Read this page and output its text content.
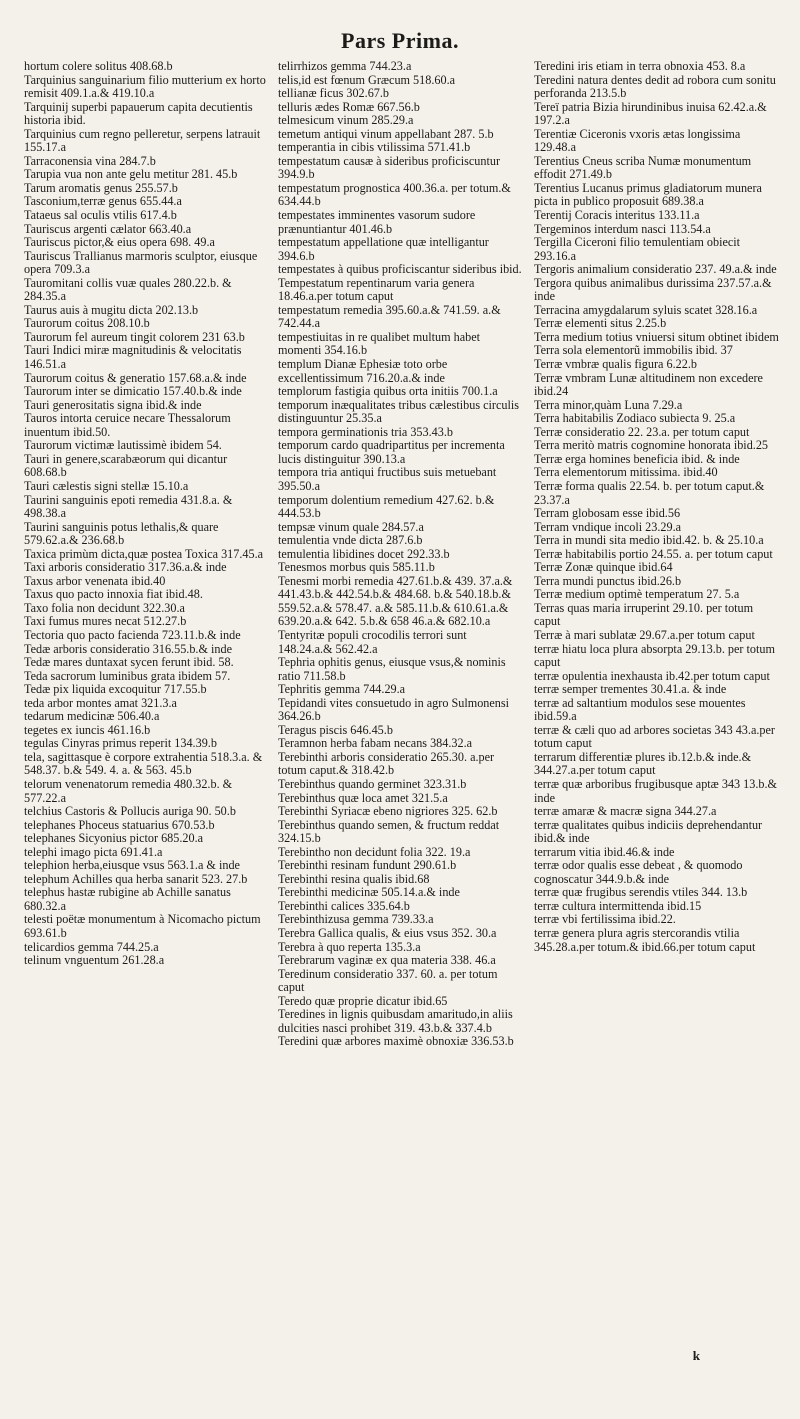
Pars Prima.
hortum colere solitus 408.68.b
Tarquinius sanguinarium filio mutterium ex horto remisit 409.1.a.& 419.10.a
Tarquinij superbi papauerum capita decutientis historia ibid.
Tarquinius cum regno pelleretur, serpens latrauit 155.17.a
Tarraconensia vina 284.7.b
Tarupia vua non ante gelu metitur 281. 45.b
Tarum aromatis genus 255.57.b
Tasconium,terræ genus 655.44.a
Tataeus sal oculis vtilis 617.4.b
Tauriscus argenti cælator 663.40.a
Tauriscus pictor,& eius opera 698. 49.a
Tauriscus Trallianus marmoris sculptor, eiusque opera 709.3.a
Tauromitani collis vuæ quales 280.22.b. & 284.35.a
Taurus auis à mugitu dicta 202.13.b
Taurorum coitus 208.10.b
Taurorum fel aureum tingit colorem 231 63.b
Tauri Indici miræ magnitudinis & velocitatis 146.51.a
Taurorum coitus & generatio 157.68.a.& inde
Taurorum inter se dimicatio 157.40.b.& inde
Tauri generositatis signa ibid.& inde
Tauros intorta ceruice necare Thessalorum inuentum ibid.50.
Taurorum victimæ lautissimè ibidem 54.
Tauri in genere,scarabæorum qui dicantur 608.68.b
Tauri cælestis signi stellæ 15.10.a
Taurini sanguinis epoti remedia 431.8.a. & 498.38.a
Taurini sanguinis potus lethalis,& quare 579.62.a.& 236.68.b
Taxica primùm dicta,quæ postea Toxica 317.45.a
Taxi arboris consideratio 317.36.a.& inde
Taxus arbor venenata ibid.40
Taxus quo pacto innoxia fiat ibid.48.
Taxo folia non decidunt 322.30.a
Taxi fumus mures necat 512.27.b
Tectoria quo pacto facienda 723.11.b.& inde
Tedæ arboris consideratio 316.55.b.& inde
Tedæ mares duntaxat sycen ferunt ibid. 58.
Teda sacrorum luminibus grata ibidem 57.
Tedæ pix liquida excoquitur 717.55.b
teda arbor montes amat 321.3.a
tedarum medicinæ 506.40.a
tegetes ex iuncis 461.16.b
tegulas Cinyras primus reperit 134.39.b
tela, sagittasque è corpore extrahentia 518.3.a. & 548.37. b.& 549. 4. a. & 563. 45.b
telorum venenatorum remedia 480.32.b. & 577.22.a
telchius Castoris & Pollucis auriga 90. 50.b
telephanes Phoceus statuarius 670.53.b
telephanes Sicyonius pictor 685.20.a
telephi imago picta 691.41.a
telephion herba,eiusque vsus 563.1.a & inde
telephum Achilles qua herba sanarit 523. 27.b
telephus hastæ rubigine ab Achille sanatus 680.32.a
telesti poëtæ monumentum à Nicomacho pictum 693.61.b
telicardios gemma 744.25.a
telinum vnguentum 261.28.a
telirrhizos gemma 744.23.a
telis,id est fœnum Græcum 518.60.a
tellianæ ficus 302.67.b
telluris ædes Romæ 667.56.b
telmesicum vinum 285.29.a
temetum antiqui vinum appellabant 287. 5.b
temperantia in cibis vtilissima 571.41.b
tempestatum causæ à sideribus proficiscuntur 394.9.b
tempestatum prognostica 400.36.a. per totum.& 634.44.b
tempestates imminentes vasorum sudore prænuntiantur 401.46.b
tempestatum appellatione quæ intelligantur 394.6.b
tempestates à quibus proficiscantur sideribus ibid.
Tempestatum repentinarum varia genera 18.46.a.per totum caput
tempestatum remedia 395.60.a.& 741.59. a.& 742.44.a
tempestiuitas in re qualibet multum habet momenti 354.16.b
templum Dianæ Ephesiæ toto orbe excellentissimum 716.20.a.& inde
templorum fastigia quibus orta initiis 700.1.a
temporum inæqualitates tribus cælestibus circulis distinguuntur 25.35.a
tempora germinationis tria 353.43.b
temporum cardo quadripartitus per incrementa lucis distinguitur 390.13.a
tempora tria antiqui fructibus suis metuebant 395.50.a
temporum dolentium remedium 427.62. b.& 444.53.b
tempsæ vinum quale 284.57.a
temulentia vnde dicta 287.6.b
temulentia libidines docet 292.33.b
Tenesmos morbus quis 585.11.b
Tenesmi morbi remedia 427.61.b.& 439. 37.a.& 441.43.b.& 442.54.b.& 484.68. b.& 540.18.b.& 559.52.a.& 578.47. a.& 585.11.b.& 610.61.a.& 639.20.a.& 642. 5.b.& 658 46.a.& 682.10.a
Tentyritæ populi crocodilis terrori sunt 148.24.a.& 562.42.a
Tephria ophitis genus, eiusque vsus,& nominis ratio 711.58.b
Tephritis gemma 744.29.a
Tepidandi vites consuetudo in agro Sulmonensi 364.26.b
Teragus piscis 646.45.b
Teramnon herba fabam necans 384.32.a
Terebinthi arboris consideratio 265.30. a.per totum caput.& 318.42.b
Terebinthus quando germinet 323.31.b
Terebinthus quæ loca amet 321.5.a
Terebinthi Syriacæ ebeno nigriores 325. 62.b
Terebinthus quando semen, & fructum reddat 324.15.b
Terebintho non decidunt folia 322. 19.a
Terebinthi resinam fundunt 290.61.b
Terebinthi resina qualis ibid.68
Terebinthi medicinæ 505.14.a.& inde
Terebinthi calices 335.64.b
Terebinthizusa gemma 739.33.a
Terebra Gallica qualis, & eius vsus 352. 30.a
Terebra à quo reperta 135.3.a
Terebrarum vaginæ ex qua materia 338. 46.a
Teredinum consideratio 337. 60. a. per totum caput
Teredo quæ proprie dicatur ibid.65
Teredines in lignis quibusdam amaritudo,in aliis dulcities nasci prohibet 319. 43.b.& 337.4.b
Teredini quæ arbores maximè obnoxiæ 336.53.b
Teredini iris etiam in terra obnoxia 453. 8.a
Teredini natura dentes dedit ad robora cum sonitu perforanda 213.5.b
Tereï patria Bizia hirundinibus inuisa 62.42.a.& 197.2.a
Terentiæ Ciceronis vxoris ætas longissima 129.48.a
Terentius Cneus scriba Numæ monumentum effodit 271.49.b
Terentius Lucanus primus gladiatorum munera picta in publico proposuit 689.38.a
Terentij Coracis interitus 133.11.a
Tergeminos interdum nasci 113.54.a
Tergilla Ciceroni filio temulentiam obiecit 293.16.a
Tergoris animalium consideratio 237. 49.a.& inde
Tergora quibus animalibus durissima 237.57.a.& inde
Terracina amygdalarum syluis scatet 328.16.a
Terræ elementi situs 2.25.b
Terra medium totius vniuersi situm obtinet ibidem
Terra sola elementorũ immobilis ibid. 37
Terræ vmbræ qualis figura 6.22.b
Terræ vmbram Lunæ altitudinem non excedere ibid.24
Terra minor,quàm Luna 7.29.a
Terra habitabilis Zodiaco subiecta 9. 25.a
Terræ consideratio 22. 23.a. per totum caput
Terra meritò matris cognomine honorata ibid.25
Terræ erga homines beneficia ibid. & inde
Terra elementorum mitissima. ibid.40
Terræ forma qualis 22.54. b. per totum caput.& 23.37.a
Terram globosam esse ibid.56
Terram vndique incoli 23.29.a
Terra in mundi sita medio ibid.42. b. & 25.10.a
Terræ habitabilis portio 24.55. a. per totum caput
Terræ Zonæ quinque ibid.64
Terra mundi punctus ibid.26.b
Terræ medium optimè temperatum 27. 5.a
Terras quas maria irruperint 29.10. per totum caput
Terræ à mari sublatæ 29.67.a.per totum caput
terræ hiatu loca plura absorpta 29.13.b. per totum caput
terræ opulentia inexhausta ib.42.per totum caput
terræ semper trementes 30.41.a. & inde
terræ ad saltantium modulos sese mouentes ibid.59.a
terræ & cæli quo ad arbores societas 343 43.a.per totum caput
terrarum differentiæ plures ib.12.b.& inde.& 344.27.a.per totum caput
terræ quæ arboribus frugibusque aptæ 343 13.b.& inde
terræ amaræ & macræ signa 344.27.a
terræ qualitates quibus indiciis deprehendantur ibid.& inde
terrarum vitia ibid.46.& inde
terræ odor qualis esse debeat , & quomodo cognoscatur 344.9.b.& inde
terræ quæ frugibus serendis vtiles 344. 13.b
terræ cultura intermittenda ibid.15
terræ vbi fertilissima ibid.22.
terræ genera plura agris stercorandis vtilia 345.28.a.per totum.& ibid.66.per totum caput
k
